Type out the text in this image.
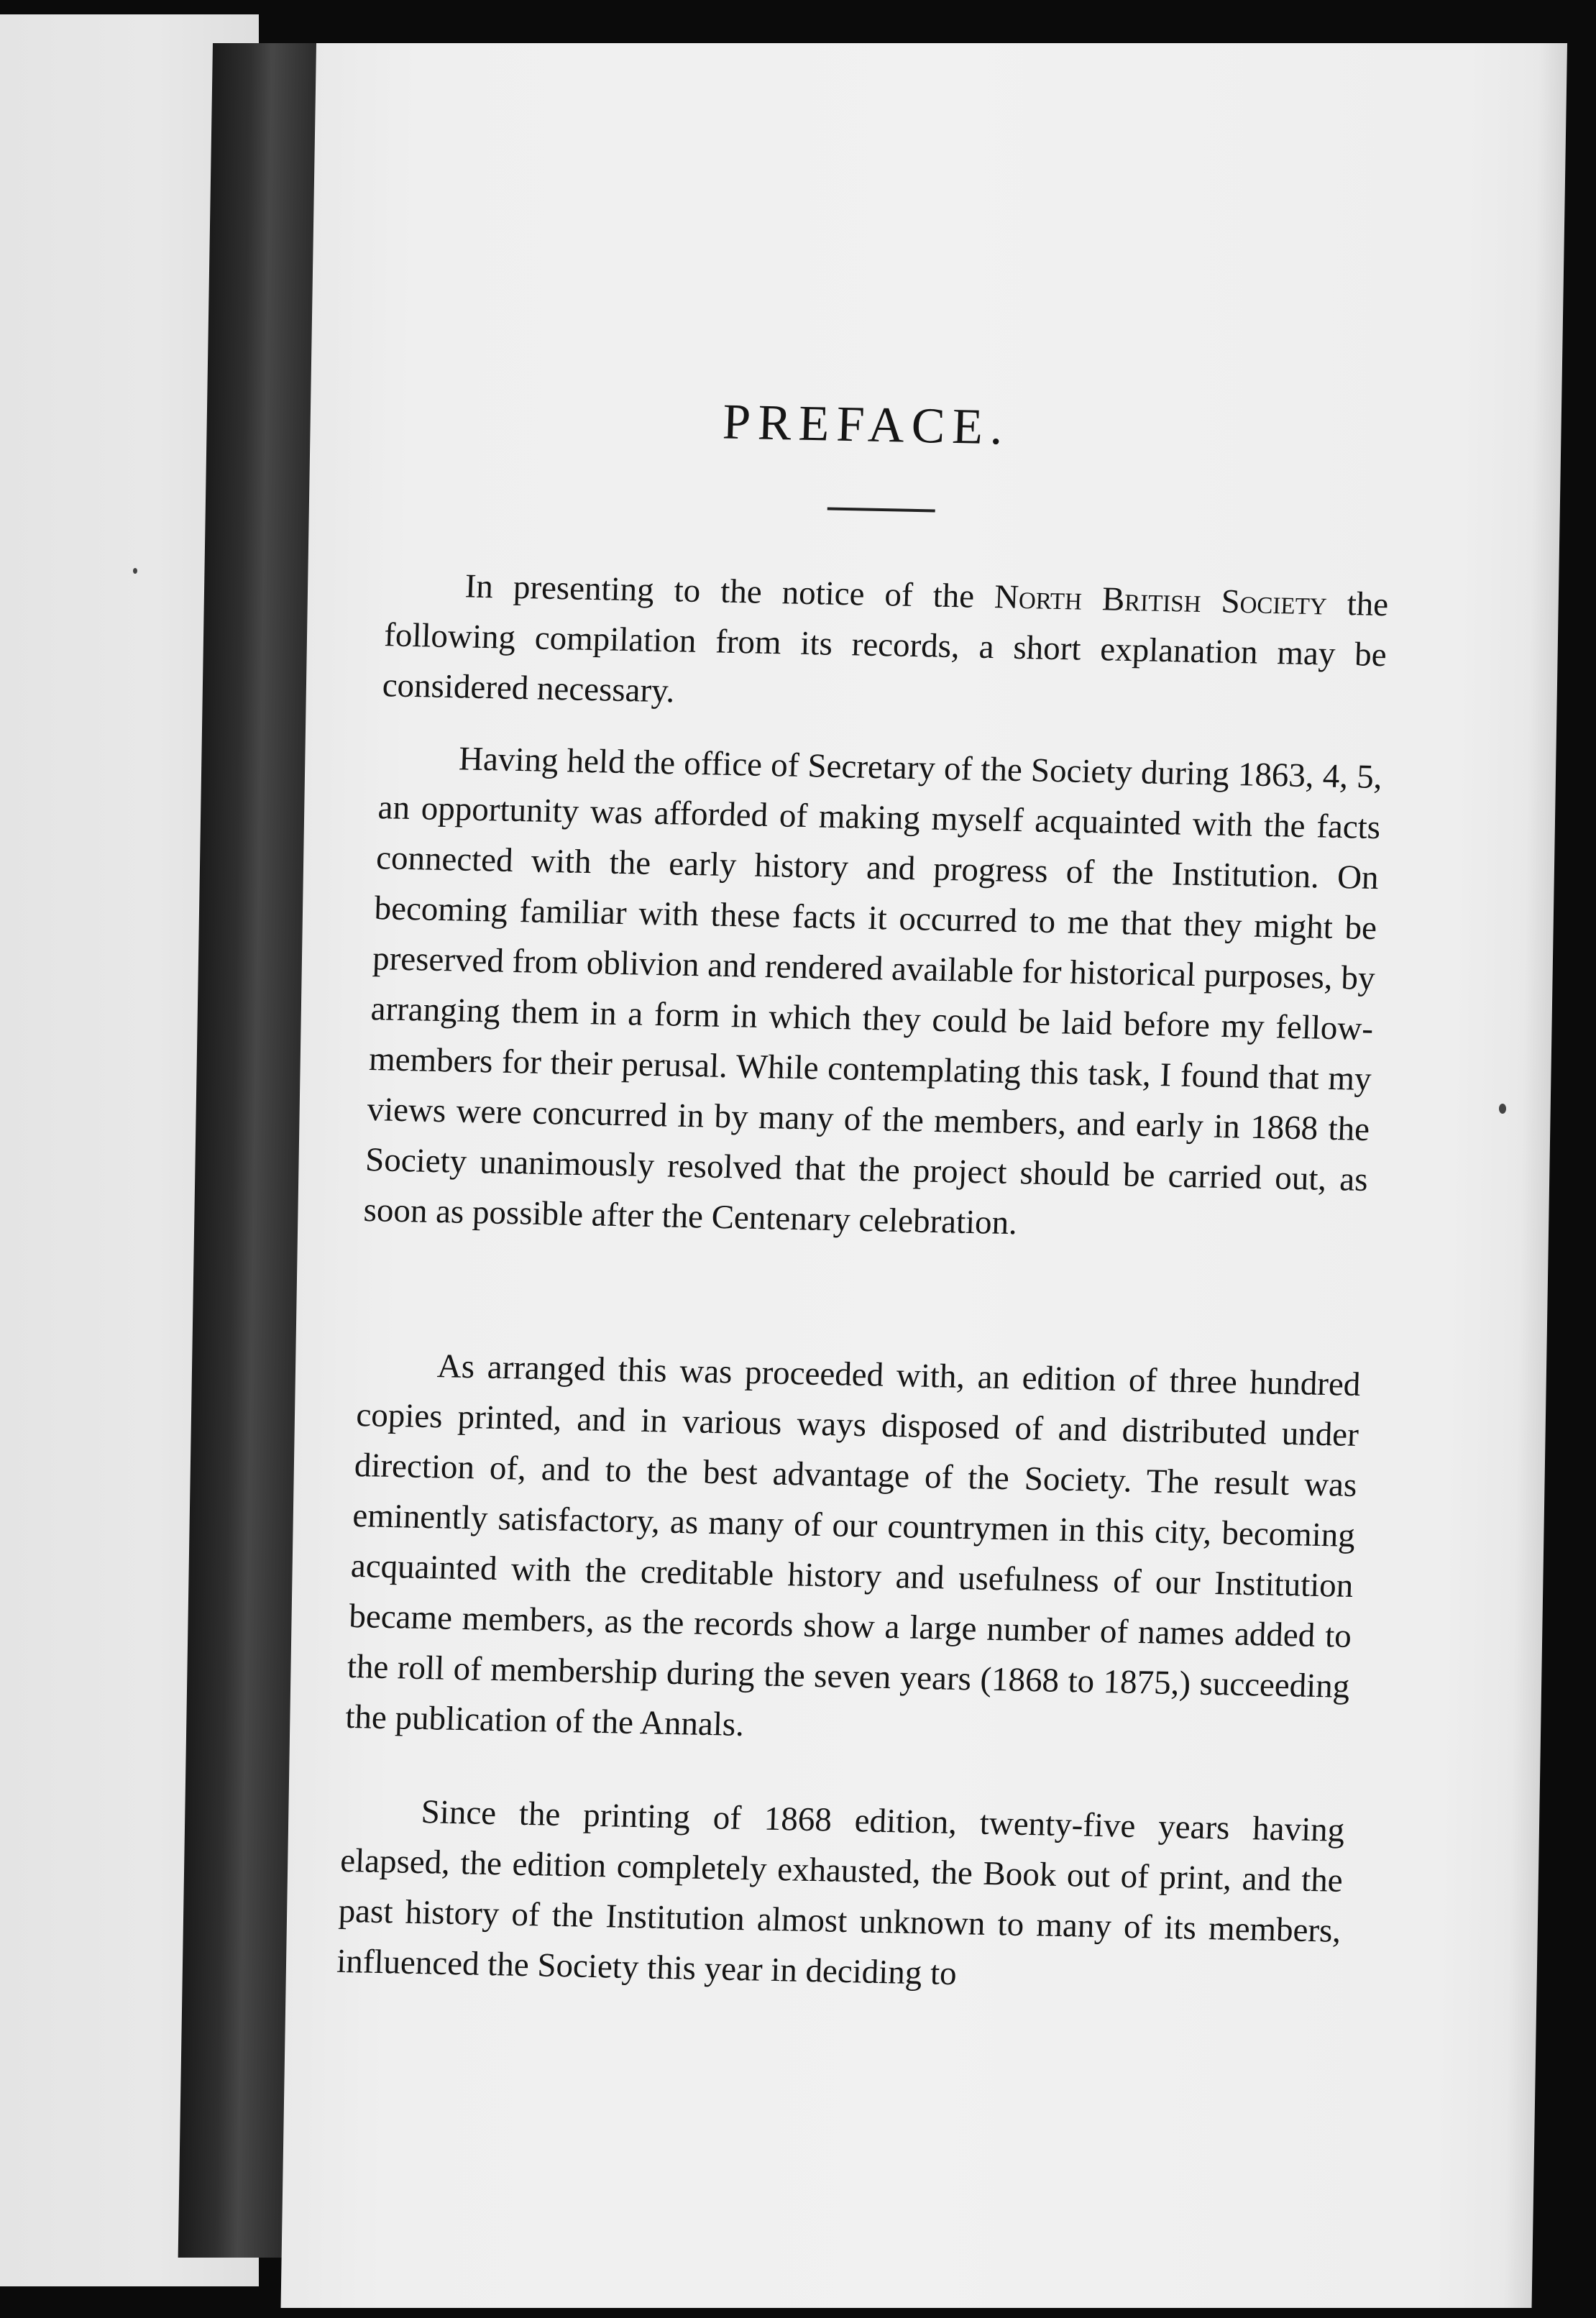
PREFACE.

In presenting to the notice of the North British Society the following compilation from its records, a short explanation may be considered necessary.

Having held the office of Secretary of the Society during 1863, 4, 5, an opportunity was afforded of making myself acquainted with the facts connected with the early history and progress of the Institution. On becoming familiar with these facts it occurred to me that they might be preserved from oblivion and rendered available for historical purposes, by arranging them in a form in which they could be laid before my fellow-members for their perusal. While contemplating this task, I found that my views were concurred in by many of the members, and early in 1868 the Society unanimously resolved that the project should be carried out, as soon as possible after the Centenary celebration.

As arranged this was proceeded with, an edition of three hundred copies printed, and in various ways disposed of and distributed under direction of, and to the best advantage of the Society. The result was eminently satisfactory, as many of our countrymen in this city, becoming acquainted with the creditable history and usefulness of our Institution became members, as the records show a large number of names added to the roll of membership during the seven years (1868 to 1875,) succeeding the publication of the Annals.

Since the printing of 1868 edition, twenty-five years having elapsed, the edition completely exhausted, the Book out of print, and the past history of the Institution almost unknown to many of its members, influenced the Society this year in deciding to
